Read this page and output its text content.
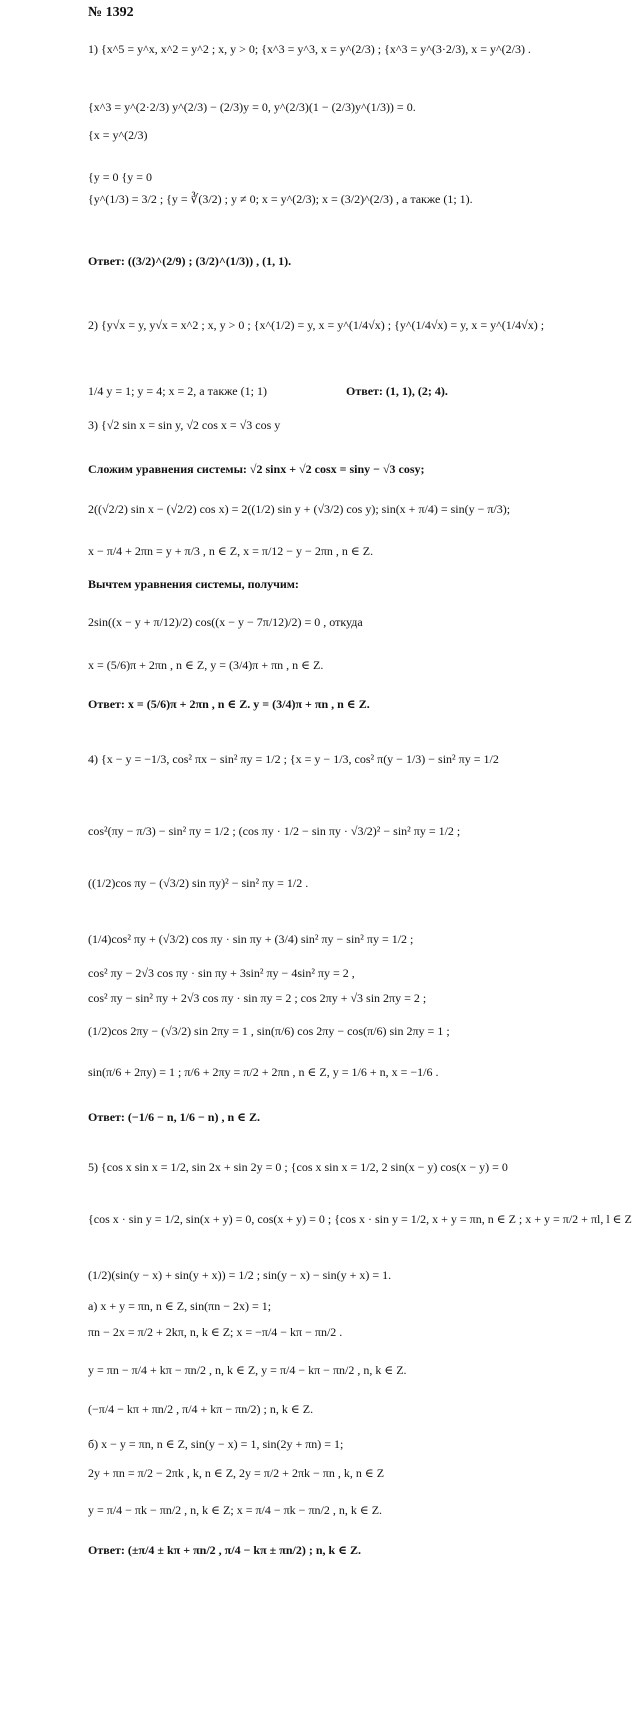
№ 1392
1) {x^5 = y^x, x^2 = y^2 ; x, y > 0; {x^3 = y^3, x = y^(2/3) ; {x^3 = y^(3·2/3), x = y^(2/3) .
{x^3 = y^(2·2/3) y^(2/3) − (2/3)y = 0, y^(2/3)(1 − (2/3)y^(1/3)) = 0.
{x = y^(2/3)
{y = 0 {y = 0
{y^(1/3) = 3/2 ; {y = ∛(3/2) ; y ≠ 0; x = y^(2/3); x = (3/2)^(2/3) , а также (1; 1).
Ответ: ((3/2)^(2/9) ; (3/2)^(1/3)) , (1, 1).
2) {y√x = y, y√x = x^2 ; x, y > 0 ; {x^(1/2) = y, x = y^(1/4√x) ; {y^(1/4√x) = y, x = y^(1/4√x) ;
1/4 y = 1; y = 4; x = 2, а также (1; 1)	Ответ: (1, 1), (2; 4).
3) {√2 sin x = sin y, √2 cos x = √3 cos y
Сложим уравнения системы: √2 sinx + √2 cosx = siny − √3 cosy;
2((√2/2) sin x − (√2/2) cos x) = 2((1/2) sin y + (√3/2) cos y); sin(x + π/4) = sin(y − π/3);
x − π/4 + 2πn = y + π/3 , n ∈ Z, x = π/12 − y − 2πn , n ∈ Z.
Вычтем уравнения системы, получим:
2sin((x − y + π/12)/2) cos((x − y − 7π/12)/2) = 0 , откуда
x = (5/6)π + 2πn , n ∈ Z, y = (3/4)π + πn , n ∈ Z.
Ответ: x = (5/6)π + 2πn , n ∈ Z. y = (3/4)π + πn , n ∈ Z.
4) {x − y = −1/3, cos² πx − sin² πy = 1/2 ; {x = y − 1/3, cos² π(y − 1/3) − sin² πy = 1/2
cos²(πy − π/3) − sin² πy = 1/2 ; (cos πy · 1/2 − sin πy · √3/2)² − sin² πy = 1/2 ;
((1/2)cos πy − (√3/2) sin πy)² − sin² πy = 1/2 .
(1/4)cos² πy + (√3/2) cos πy · sin πy + (3/4) sin² πy − sin² πy = 1/2 ;
cos² πy − 2√3 cos πy · sin πy + 3sin² πy − 4sin² πy = 2 ,
cos² πy − sin² πy + 2√3 cos πy · sin πy = 2 ; cos 2πy + √3 sin 2πy = 2 ;
(1/2)cos 2πy − (√3/2) sin 2πy = 1 , sin(π/6) cos 2πy − cos(π/6) sin 2πy = 1 ;
sin(π/6 + 2πy) = 1 ; π/6 + 2πy = π/2 + 2πn , n ∈ Z, y = 1/6 + n, x = −1/6 .
Ответ: (−1/6 − n, 1/6 − n) , n ∈ Z.
5) {cos x sin x = 1/2, sin 2x + sin 2y = 0 ; {cos x sin x = 1/2, 2 sin(x − y) cos(x − y) = 0
{cos x · sin y = 1/2, sin(x + y) = 0, cos(x + y) = 0 ; {cos x · sin y = 1/2, x + y = πn, n ∈ Z ; x + y = π/2 + πl, l ∈ Z
(1/2)(sin(y − x) + sin(y + x)) = 1/2 ; sin(y − x) − sin(y + x) = 1.
а) x + y = πn, n ∈ Z, sin(πn − 2x) = 1;
πn − 2x = π/2 + 2kπ, n, k ∈ Z; x = −π/4 − kπ − πn/2 .
y = πn − π/4 + kπ − πn/2 , n, k ∈ Z, y = π/4 − kπ − πn/2 , n, k ∈ Z.
(−π/4 − kπ + πn/2 , π/4 + kπ − πn/2) ; n, k ∈ Z.
б) x − y = πn, n ∈ Z, sin(y − x) = 1, sin(2y + πn) = 1;
2y + πn = π/2 − 2πk , k, n ∈ Z, 2y = π/2 + 2πk − πn , k, n ∈ Z
y = π/4 − πk − πn/2 , n, k ∈ Z; x = π/4 − πk − πn/2 , n, k ∈ Z.
Ответ: (±π/4 ± kπ + πn/2 , π/4 − kπ ± πn/2) ; n, k ∈ Z.
